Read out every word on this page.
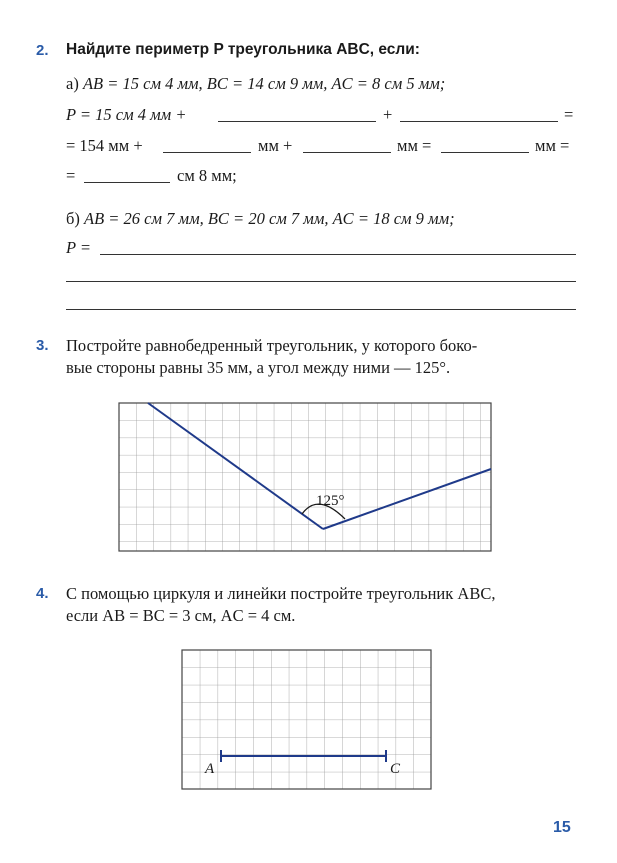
2. Найдите периметр P треугольника ABC, если:
а) AB = 15 см 4 мм, BC = 14 см 9 мм, AC = 8 см 5 мм;
P = 15 см 4 мм +	+	=
= 154 мм +	мм +	мм =	мм =
=	см 8 мм;
б) AB = 26 см 7 мм, BC = 20 см 7 мм, AC = 18 см 9 мм;
P =
3. Постройте равнобедренный треугольник, у которого боко-
вые стороны равны 35 мм, а угол между ними — 125°.
125°
A	C
4. С помощью циркуля и линейки постройте треугольник ABC,
если AB = BC = 3 см, AC = 4 см.
15
